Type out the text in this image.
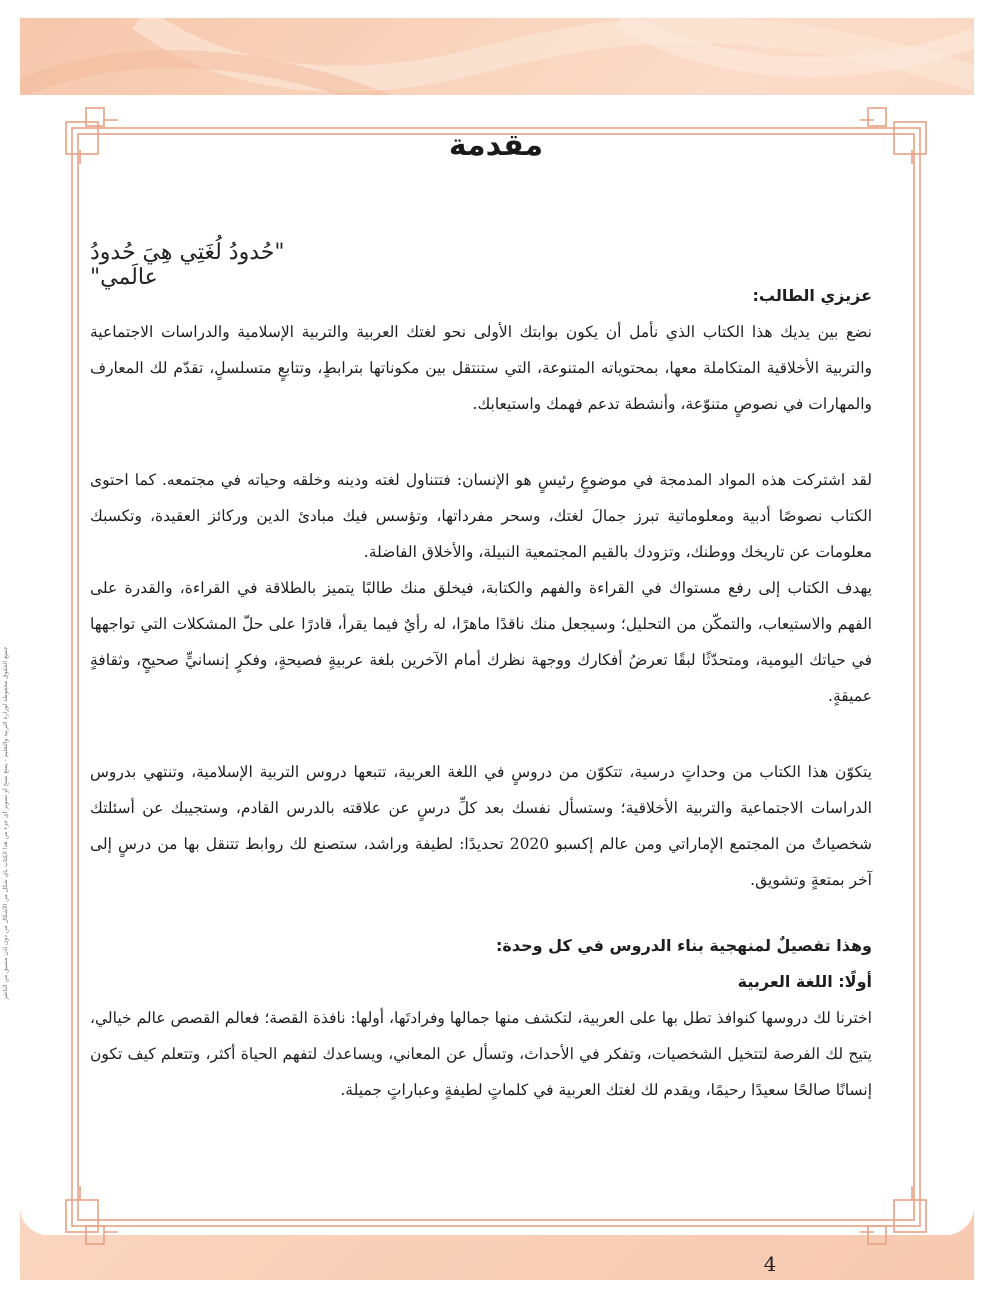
جميع الحقوق محفوظة لوزارة التربية والتعليم - يمنع نسخ أو تصوير أي جزء من هذا الكتاب بأي شكل من الأشكال من دون إذن مسبق من الناشر
مقدمة
"حُدودُ لُغَتِي هِيَ حُدودُ عالَمي"

عزيزي الطالب:

نضع بين يديك هذا الكتاب الذي نأمل أن يكون بوابتك الأولى نحو لغتك العربية والتربية الإسلامية والدراسات الاجتماعية والتربية الأخلاقية المتكاملة معها، بمحتوياته المتنوعة، التي ستنتقل بين مكوناتها بترابطٍ، وتتابعٍ متسلسلٍ، تقدّم لك المعارف والمهارات في نصوصٍ متنوّعة، وأنشطة تدعم فهمك واستيعابك.

لقد اشتركت هذه المواد المدمجة في موضوعٍ رئيسٍ هو الإنسان: فتتناول لغته ودينه وخلقه وحياته في مجتمعه. كما احتوى الكتاب نصوصًا أدبية ومعلوماتية تبرز جمالَ لغتك، وسحر مفرداتها، وتؤسس فيك مبادئ الدين وركائز العقيدة، وتكسبك معلومات عن تاريخك ووطنك، وتزودك بالقيم المجتمعية النبيلة، والأخلاق الفاضلة.

يهدف الكتاب إلى رفع مستواك في القراءة والفهم والكتابة، فيخلق منك طالبًا يتميز بالطلاقة في القراءة، والقدرة على الفهم والاستيعاب، والتمكّن من التحليل؛ وسيجعل منك ناقدًا ماهرًا، له رأيٌ فيما يقرأ، قادرًا على حلّ المشكلات التي تواجهها في حياتك اليومية، ومتحدّثًا لبقًا تعرضُ أفكارك ووجهة نظرك أمام الآخرين بلغة عربيةٍ فصيحةٍ، وفكرٍ إنسانيٍّ صحيحٍ، وثقافةٍ عميقةٍ.

يتكوّن هذا الكتاب من وحداتٍ درسية، تتكوّن من دروسٍ في اللغة العربية، تتبعها دروس التربية الإسلامية، وتنتهي بدروس الدراسات الاجتماعية والتربية الأخلاقية؛ وستسأل نفسك بعد كلِّ درسٍ عن علاقته بالدرس القادم، وستجيبك عن أسئلتك شخصياتٌ من المجتمع الإماراتي ومن عالم إكسبو 2020 تحديدًا: لطيفة وراشد، ستصنع لك روابط تتنقل بها من درسٍ إلى آخر بمتعةٍ وتشويق.

وهذا تفصيلٌ لمنهجية بناء الدروس في كل وحدة:

أولًا: اللغة العربية

اخترنا لك دروسها كنوافذ تطل بها على العربية، لتكشف منها جمالها وفرادتَها، أولها: نافذة القصة؛ فعالم القصص عالم خيالي، يتيح لك الفرصة لتتخيل الشخصيات، وتفكر في الأحداث، وتسأل عن المعاني، ويساعدك لتفهم الحياة أكثر، وتتعلم كيف تكون إنسانًا صالحًا سعيدًا رحيمًا، ويقدم لك لغتك العربية في كلماتٍ لطيفةٍ وعباراتٍ جميلة.

4
